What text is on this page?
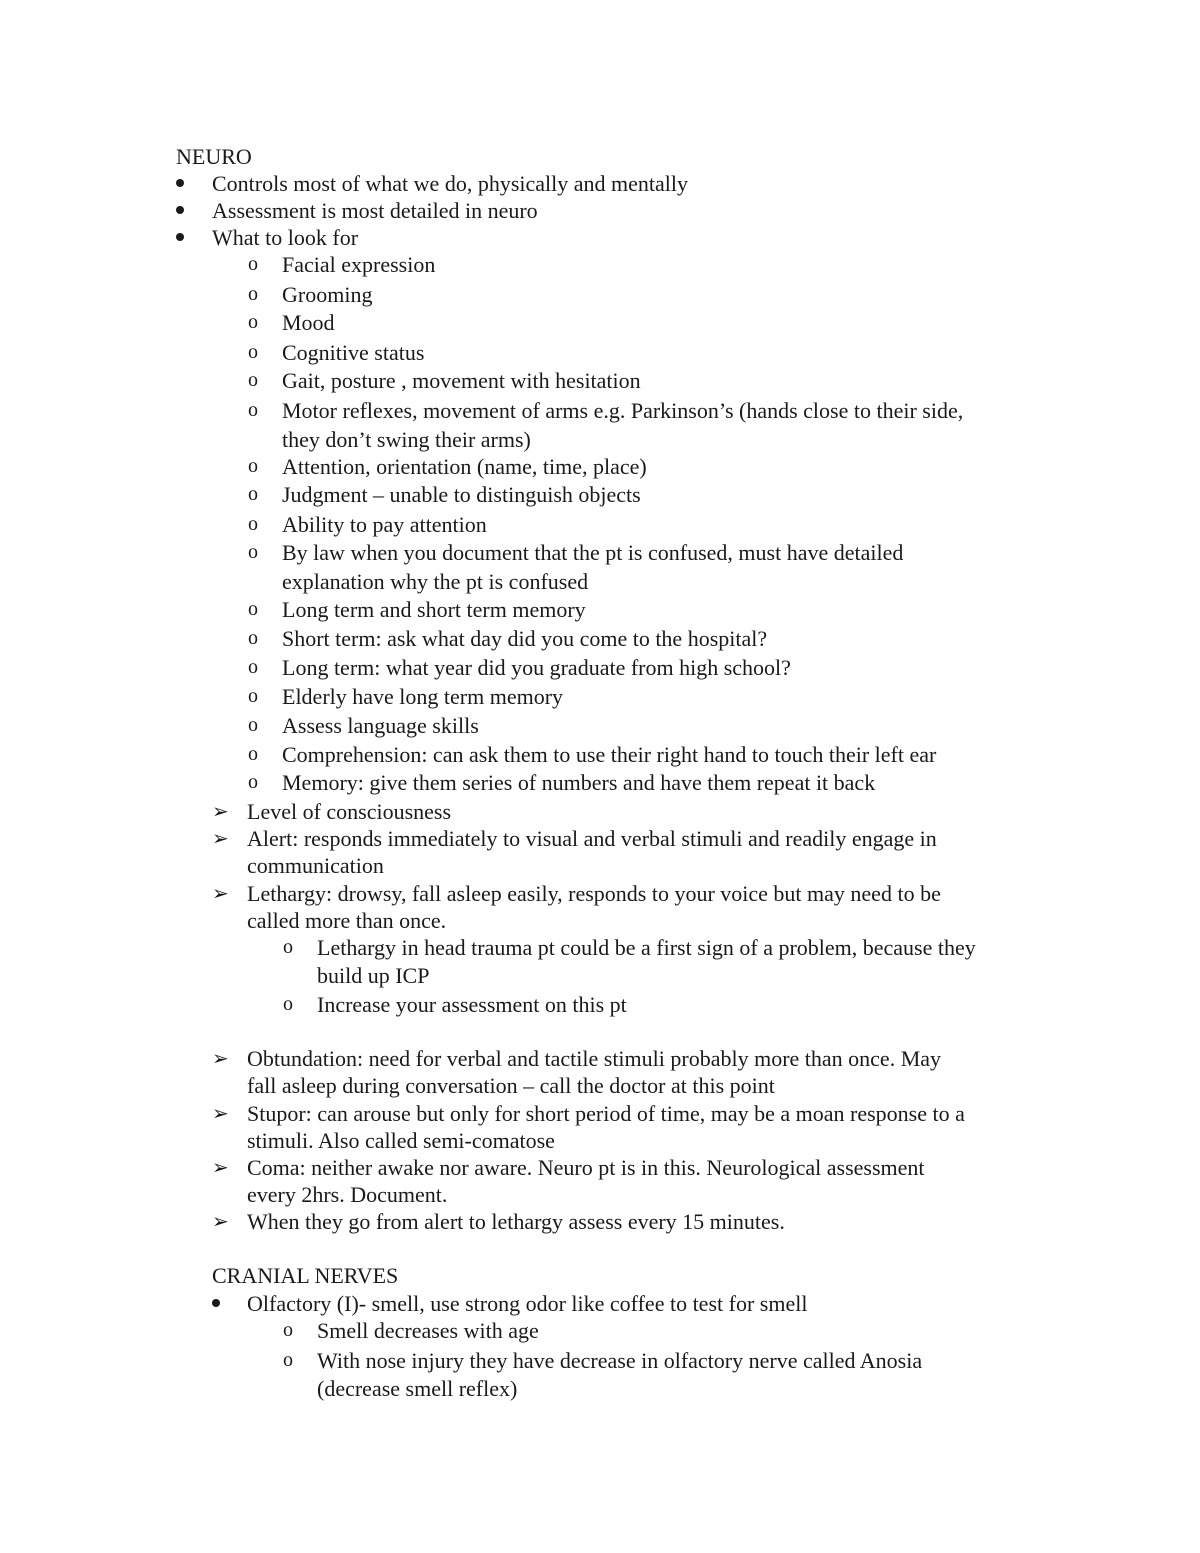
NEURO
Controls most of what we do, physically and mentally
Assessment is most detailed in neuro
What to look for
o Facial expression
o Grooming
o Mood
o Cognitive status
o Gait, posture , movement with hesitation
o Motor reflexes, movement of arms e.g. Parkinson’s (hands close to their side,
they don’t swing their arms)
o Attention, orientation (name, time, place)
o Judgment – unable to distinguish objects
o Ability to pay attention
o By law when you document that the pt is confused, must have detailed
explanation why the pt is confused
o Long term and short term memory
o Short term: ask what day did you come to the hospital?
o Long term: what year did you graduate from high school?
o Elderly have long term memory
o Assess language skills
o Comprehension: can ask them to use their right hand to touch their left ear
o Memory: give them series of numbers and have them repeat it back
➢ Level of consciousness
➢ Alert: responds immediately to visual and verbal stimuli and readily engage in
communication
➢ Lethargy: drowsy, fall asleep easily, responds to your voice but may need to be
called more than once.
o Lethargy in head trauma pt could be a first sign of a problem, because they
build up ICP
o Increase your assessment on this pt
➢ Obtundation: need for verbal and tactile stimuli probably more than once. May
fall asleep during conversation – call the doctor at this point
➢ Stupor: can arouse but only for short period of time, may be a moan response to a
stimuli. Also called semi-comatose
➢ Coma: neither awake nor aware. Neuro pt is in this. Neurological assessment
every 2hrs. Document.
➢ When they go from alert to lethargy assess every 15 minutes.
CRANIAL NERVES
Olfactory (I)- smell, use strong odor like coffee to test for smell
o Smell decreases with age
o With nose injury they have decrease in olfactory nerve called Anosia
(decrease smell reflex)
